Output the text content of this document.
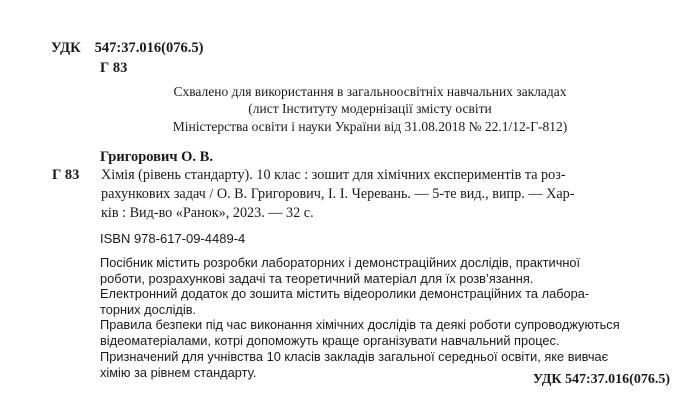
УДК 547:37.016(076.5)
Г 83
Схвалено для використання в загальноосвітніх навчальних закладах
(лист Інституту модернізації змісту освіти
Міністерства освіти і науки України від 31.08.2018 № 22.1/12-Г-812)
Григорович О. В.
Г 83 Хімія (рівень стандарту). 10 клас : зошит для хімічних експериментів та роз-
рахункових задач / О. В. Григорович, І. І. Черевань. — 5-те вид., випр. — Хар-
ків : Вид-во «Ранок», 2023. — 32 с.
ISBN 978-617-09-4489-4
Посібник містить розробки лабораторних і демонстраційних дослідів, практичної
роботи, розрахункові задачі та теоретичний матеріал для їх розв’язання.
Електронний додаток до зошита містить відеоролики демонстраційних та лабора-
торних дослідів.
Правила безпеки під час виконання хімічних дослідів та деякі роботи супроводжуються
відеоматеріалами, котрі допоможуть краще організувати навчальний процес.
Призначений для учнівства 10 класів закладів загальної середньої освіти, яке вивчає
хімію за рівнем стандарту.	УДК 547:37.016(076.5)
